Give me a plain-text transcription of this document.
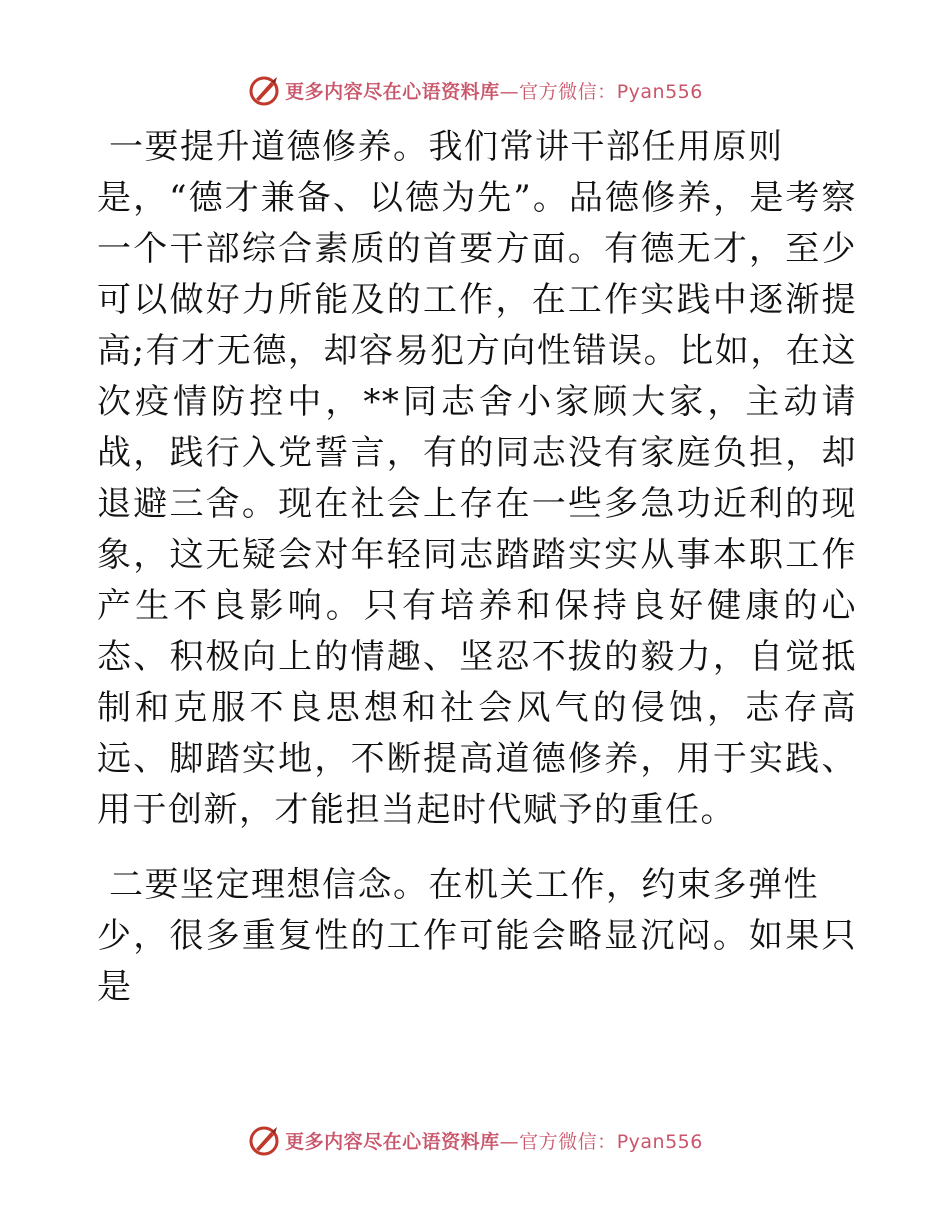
更多内容尽在心语资料库—官方微信：Pyan556

一要提升道德修养。我们常讲干部任用原则
是，“德才兼备、以德为先”。品德修养，是考察一个干部综合素质的首要方面。有德无才，至少可以做好力所能及的工作，在工作实践中逐渐提高;有才无德，却容易犯方向性错误。比如，在这次疫情防控中，**同志舍小家顾大家，主动请战，践行入党誓言，有的同志没有家庭负担，却退避三舍。现在社会上存在一些多急功近利的现象，这无疑会对年轻同志踏踏实实从事本职工作产生不良影响。只有培养和保持良好健康的心态、积极向上的情趣、坚忍不拔的毅力，自觉抵制和克服不良思想和社会风气的侵蚀，志存高远、脚踏实地，不断提高道德修养，用于实践、用于创新，才能担当起时代赋予的重任。

二要坚定理想信念。在机关工作，约束多弹性
少，很多重复性的工作可能会略显沉闷。如果只是

更多内容尽在心语资料库—官方微信：Pyan556
